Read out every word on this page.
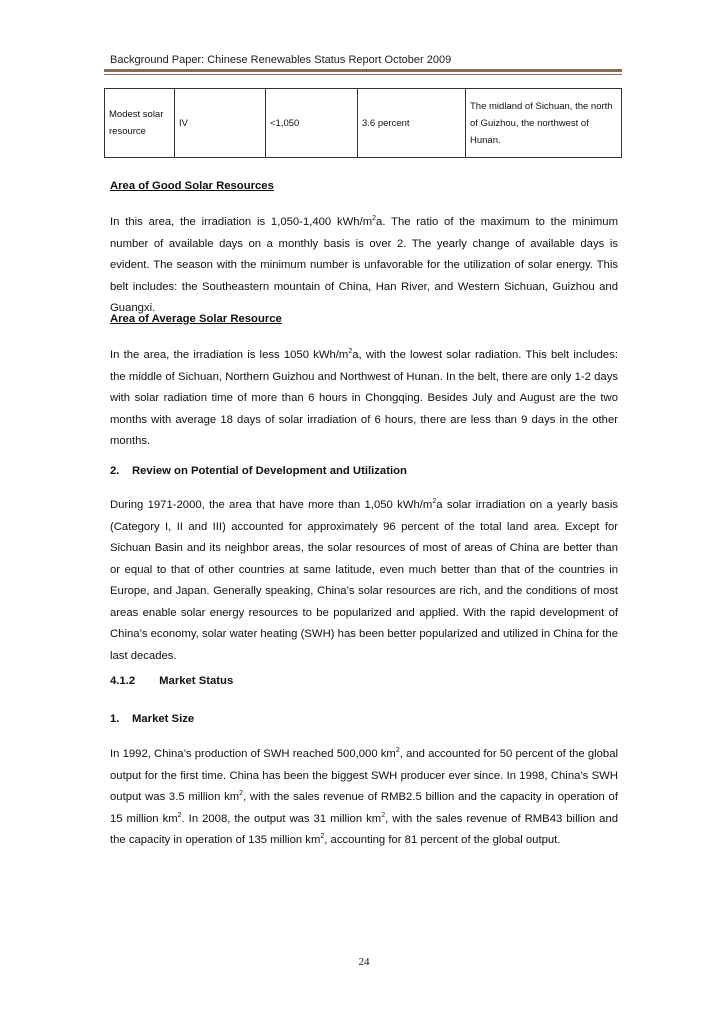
Background Paper: Chinese Renewables Status Report October 2009
Modest solar resource	IV	<1,050	3.6 percent	The midland of Sichuan, the north of Guizhou, the northwest of Hunan.
Area of Good Solar Resources
In this area, the irradiation is 1,050-1,400 kWh/$m^2a$. The ratio of the maximum to the minimum number of available days on a monthly basis is over 2. The yearly change of available days is evident. The season with the minimum number is unfavorable for the utilization of solar energy. This belt includes: the Southeastern mountain of China, Han River, and Western Sichuan, Guizhou and Guangxi.
Area of Average Solar Resource
In the area, the irradiation is less 1050 kWh/$m^2a$, with the lowest solar radiation. This belt includes: the middle of Sichuan, Northern Guizhou and Northwest of Hunan. In the belt, there are only 1-2 days with solar radiation time of more than 6 hours in Chongqing. Besides July and August are the two months with average 18 days of solar irradiation of 6 hours, there are less than 9 days in the other months.
2.    Review on Potential of Development and Utilization
During 1971-2000, the area that have more than 1,050 kWh/$m^2a$ solar irradiation on a yearly basis (Category I, II and III) accounted for approximately 96 percent of the total land area. Except for Sichuan Basin and its neighbor areas, the solar resources of most of areas of China are better than or equal to that of other countries at same latitude, even much better than that of the countries in Europe, and Japan. Generally speaking, China’s solar resources are rich, and the conditions of most areas enable solar energy resources to be popularized and applied. With the rapid development of China’s economy, solar water heating (SWH) has been better popularized and utilized in China for the last decades.
4.1.2 Market Status
1.    Market Size
In 1992, China’s production of SWH reached 500,000 $km^2$, and accounted for 50 percent of the global output for the first time. China has been the biggest SWH producer ever since. In 1998, China’s SWH output was 3.5 million $km^2$, with the sales revenue of RMB2.5 billion and the capacity in operation of 15 million $km^2$. In 2008, the output was 31 million $km^2$, with the sales revenue of RMB43 billion and the capacity in operation of 135 million $km^2$, accounting for 81 percent of the global output.
24
